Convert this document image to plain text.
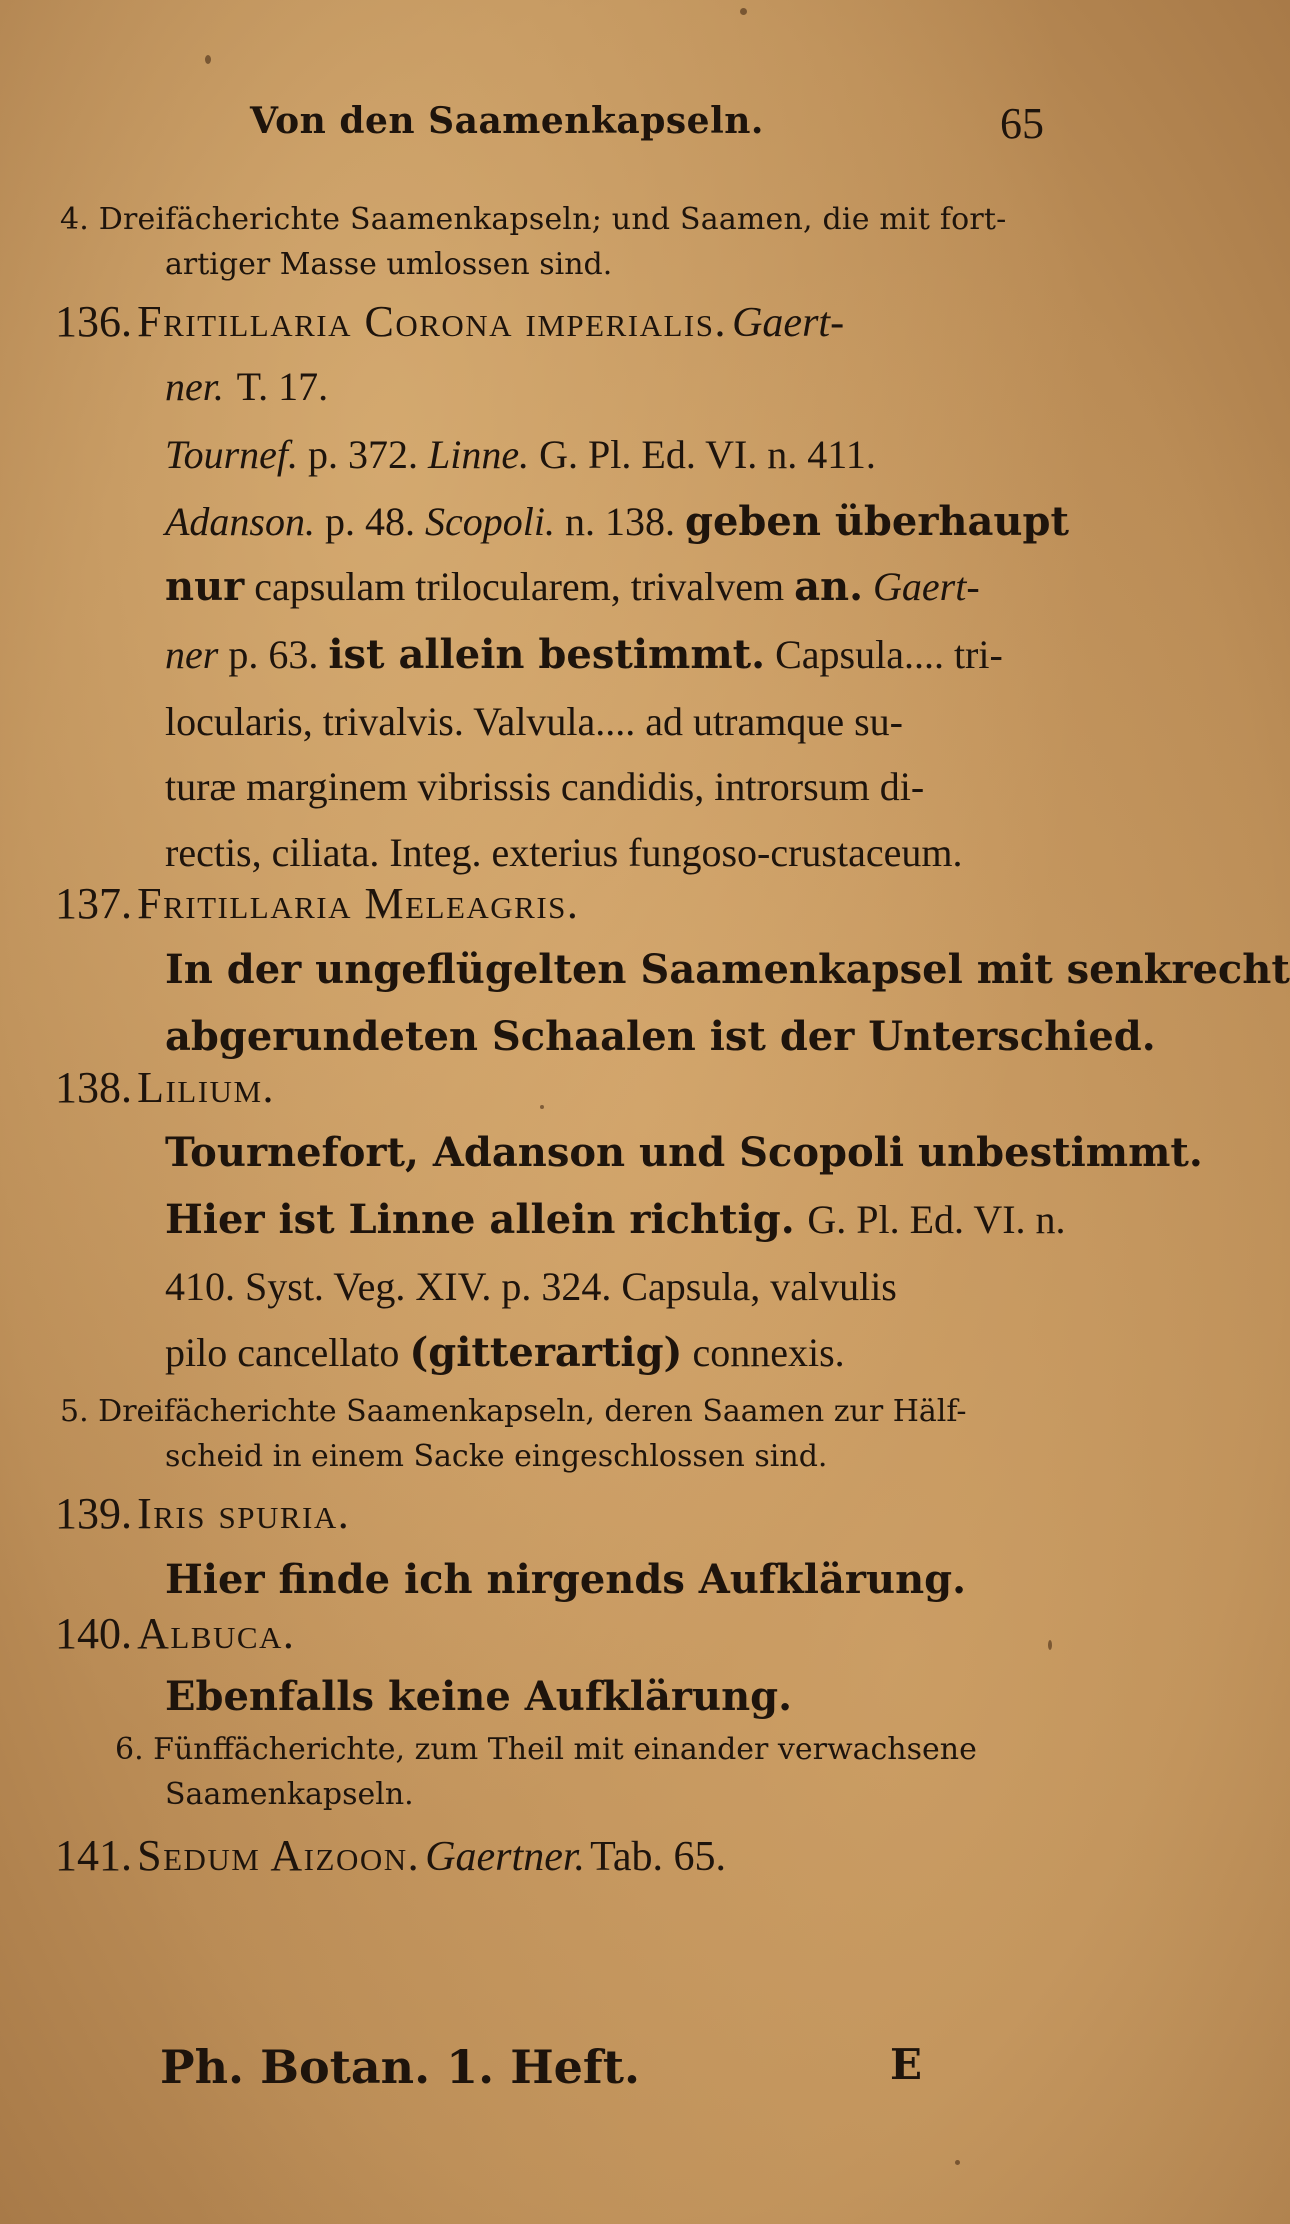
Von den Saamenkapseln.	65
4. Dreifächerichte Saamenkapseln; und Saamen, die mit fort-
artiger Masse umlossen sind.
136. Fritillaria Corona imperialis. Gaert-
ner. T. 17.
Tournef. p. 372. Linne. G. Pl. Ed. VI. n. 411.
Adanson. p. 48. Scopoli. n. 138. geben überhaupt
nur capsulam trilocularem, trivalvem an. Gaert-
ner p. 63. ist allein bestimmt. Capsula.... tri-
locularis, trivalvis. Valvula.... ad utramque su-
turæ marginem vibrissis candidis, introrsum di-
rectis, ciliata. Integ. exterius fungoso-crustaceum.
137. Fritillaria Meleagris.
In der ungeflügelten Saamenkapsel mit senkrecht
abgerundeten Schaalen ist der Unterschied.
138. Lilium.
Tournefort, Adanson und Scopoli unbestimmt.
Hier ist Linne allein richtig. G. Pl. Ed. VI. n.
410. Syst. Veg. XIV. p. 324. Capsula, valvulis
pilo cancellato (gitterartig) connexis.
5. Dreifächerichte Saamenkapseln, deren Saamen zur Hälf-
scheid in einem Sacke eingeschlossen sind.
139. Iris spuria.
Hier finde ich nirgends Aufklärung.
140. Albuca.
Ebenfalls keine Aufklärung.
6. Fünffächerichte, zum Theil mit einander verwachsene
Saamenkapseln.
141. Sedum Aizoon. Gaertner. Tab. 65.
Ph. Botan. 1. Heft.	E
